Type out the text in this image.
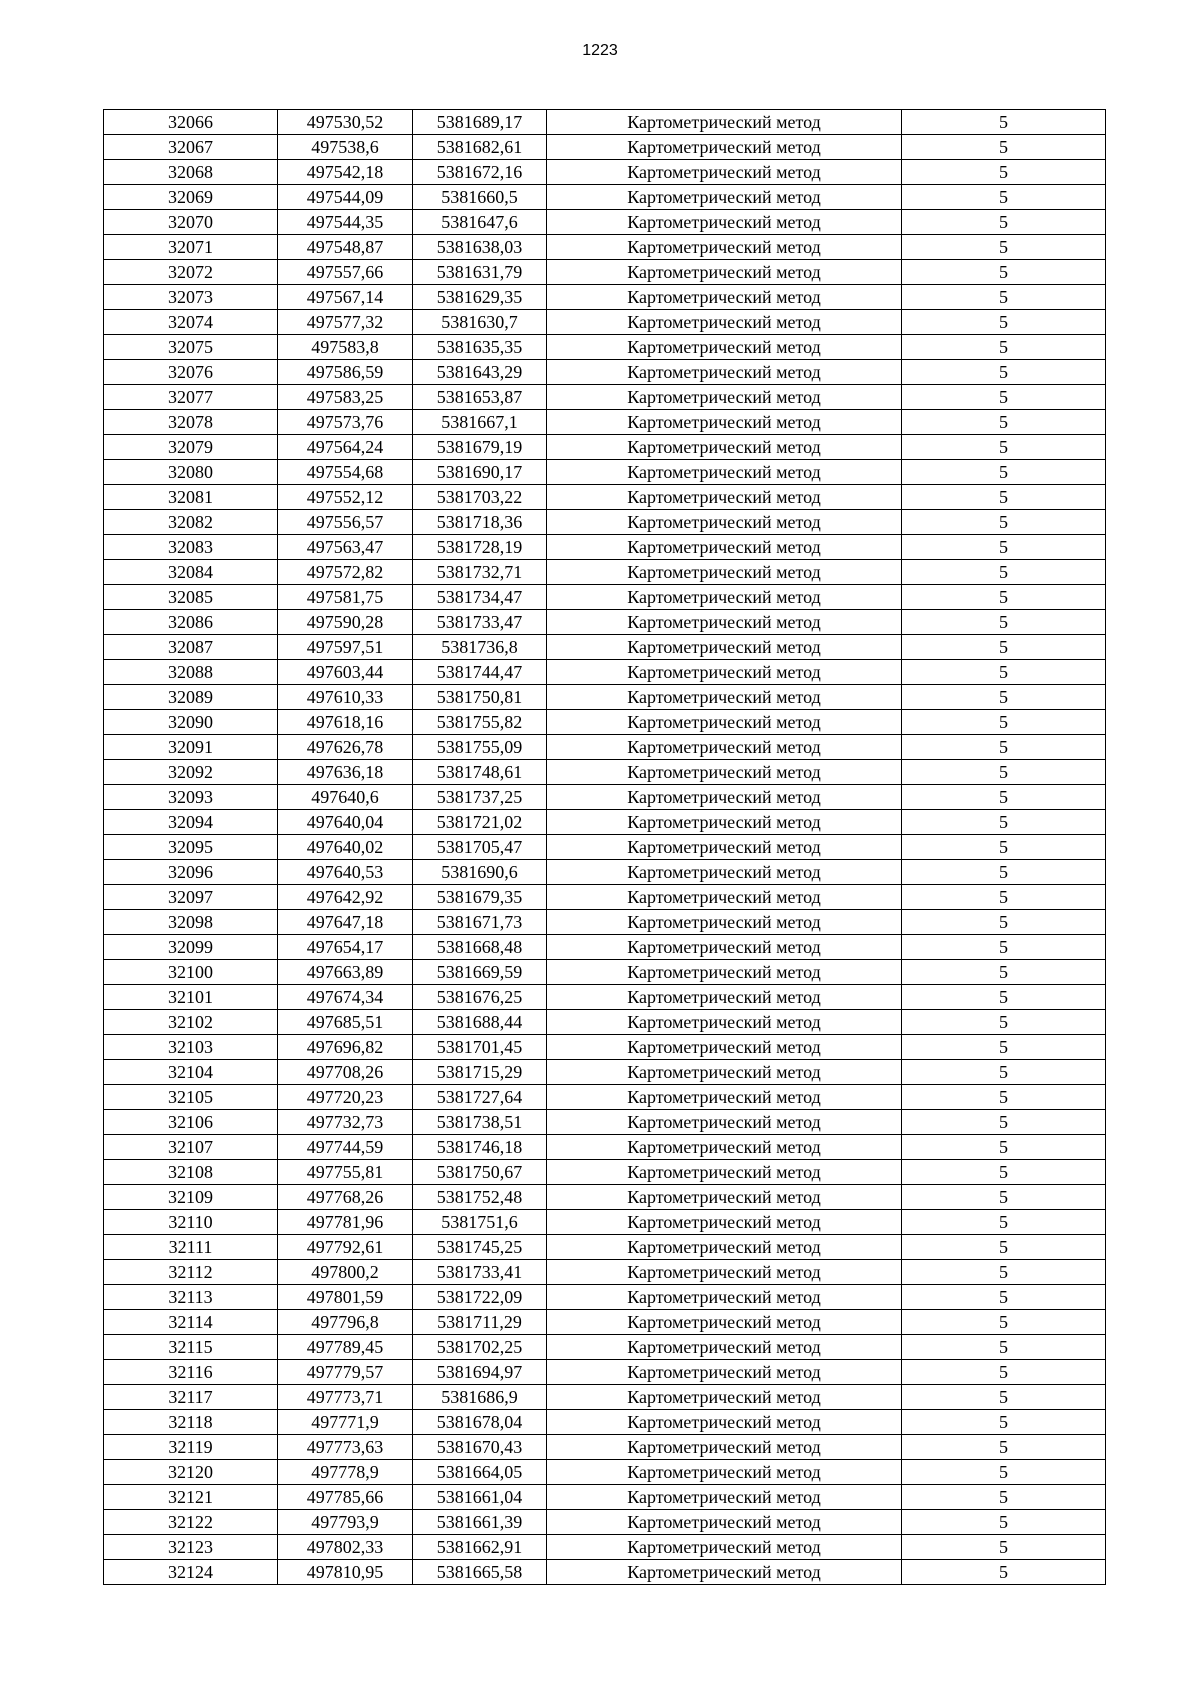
1223
32066	497530,52	5381689,17	Картометрический метод	5
32067	497538,6	5381682,61	Картометрический метод	5
32068	497542,18	5381672,16	Картометрический метод	5
32069	497544,09	5381660,5	Картометрический метод	5
32070	497544,35	5381647,6	Картометрический метод	5
32071	497548,87	5381638,03	Картометрический метод	5
32072	497557,66	5381631,79	Картометрический метод	5
32073	497567,14	5381629,35	Картометрический метод	5
32074	497577,32	5381630,7	Картометрический метод	5
32075	497583,8	5381635,35	Картометрический метод	5
32076	497586,59	5381643,29	Картометрический метод	5
32077	497583,25	5381653,87	Картометрический метод	5
32078	497573,76	5381667,1	Картометрический метод	5
32079	497564,24	5381679,19	Картометрический метод	5
32080	497554,68	5381690,17	Картометрический метод	5
32081	497552,12	5381703,22	Картометрический метод	5
32082	497556,57	5381718,36	Картометрический метод	5
32083	497563,47	5381728,19	Картометрический метод	5
32084	497572,82	5381732,71	Картометрический метод	5
32085	497581,75	5381734,47	Картометрический метод	5
32086	497590,28	5381733,47	Картометрический метод	5
32087	497597,51	5381736,8	Картометрический метод	5
32088	497603,44	5381744,47	Картометрический метод	5
32089	497610,33	5381750,81	Картометрический метод	5
32090	497618,16	5381755,82	Картометрический метод	5
32091	497626,78	5381755,09	Картометрический метод	5
32092	497636,18	5381748,61	Картометрический метод	5
32093	497640,6	5381737,25	Картометрический метод	5
32094	497640,04	5381721,02	Картометрический метод	5
32095	497640,02	5381705,47	Картометрический метод	5
32096	497640,53	5381690,6	Картометрический метод	5
32097	497642,92	5381679,35	Картометрический метод	5
32098	497647,18	5381671,73	Картометрический метод	5
32099	497654,17	5381668,48	Картометрический метод	5
32100	497663,89	5381669,59	Картометрический метод	5
32101	497674,34	5381676,25	Картометрический метод	5
32102	497685,51	5381688,44	Картометрический метод	5
32103	497696,82	5381701,45	Картометрический метод	5
32104	497708,26	5381715,29	Картометрический метод	5
32105	497720,23	5381727,64	Картометрический метод	5
32106	497732,73	5381738,51	Картометрический метод	5
32107	497744,59	5381746,18	Картометрический метод	5
32108	497755,81	5381750,67	Картометрический метод	5
32109	497768,26	5381752,48	Картометрический метод	5
32110	497781,96	5381751,6	Картометрический метод	5
32111	497792,61	5381745,25	Картометрический метод	5
32112	497800,2	5381733,41	Картометрический метод	5
32113	497801,59	5381722,09	Картометрический метод	5
32114	497796,8	5381711,29	Картометрический метод	5
32115	497789,45	5381702,25	Картометрический метод	5
32116	497779,57	5381694,97	Картометрический метод	5
32117	497773,71	5381686,9	Картометрический метод	5
32118	497771,9	5381678,04	Картометрический метод	5
32119	497773,63	5381670,43	Картометрический метод	5
32120	497778,9	5381664,05	Картометрический метод	5
32121	497785,66	5381661,04	Картометрический метод	5
32122	497793,9	5381661,39	Картометрический метод	5
32123	497802,33	5381662,91	Картометрический метод	5
32124	497810,95	5381665,58	Картометрический метод	5
